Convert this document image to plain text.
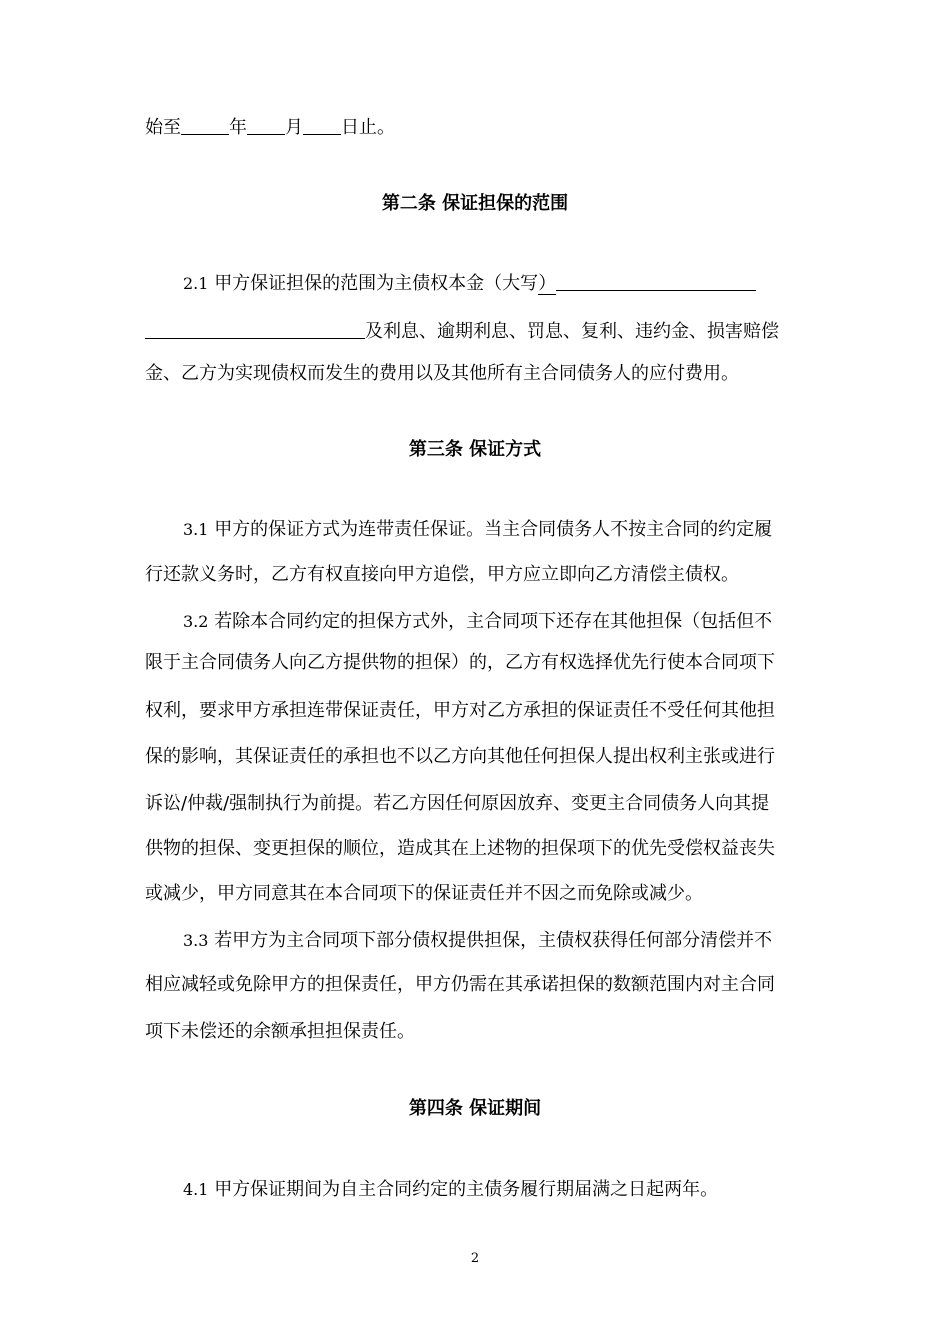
始至	年 月 日止。
第二条 保证担保的范围
2.1 甲方保证担保的范围为主债权本金（大写）
及利息、逾期利息、罚息、复利、违约金、损害赔偿
金、乙方为实现债权而发生的费用以及其他所有主合同债务人的应付费用。
第三条 保证方式
3.1 甲方的保证方式为连带责任保证。当主合同债务人不按主合同的约定履
行还款义务时，乙方有权直接向甲方追偿，甲方应立即向乙方清偿主债权。
3.2 若除本合同约定的担保方式外，主合同项下还存在其他担保（包括但不
限于主合同债务人向乙方提供物的担保）的，乙方有权选择优先行使本合同项下
权利，要求甲方承担连带保证责任，甲方对乙方承担的保证责任不受任何其他担
保的影响，其保证责任的承担也不以乙方向其他任何担保人提出权利主张或进行
诉讼/仲裁/强制执行为前提。若乙方因任何原因放弃、变更主合同债务人向其提
供物的担保、变更担保的顺位，造成其在上述物的担保项下的优先受偿权益丧失
或减少，甲方同意其在本合同项下的保证责任并不因之而免除或减少。
3.3 若甲方为主合同项下部分债权提供担保，主债权获得任何部分清偿并不
相应减轻或免除甲方的担保责任，甲方仍需在其承诺担保的数额范围内对主合同
项下未偿还的余额承担担保责任。
第四条 保证期间
4.1 甲方保证期间为自主合同约定的主债务履行期届满之日起两年。
2
